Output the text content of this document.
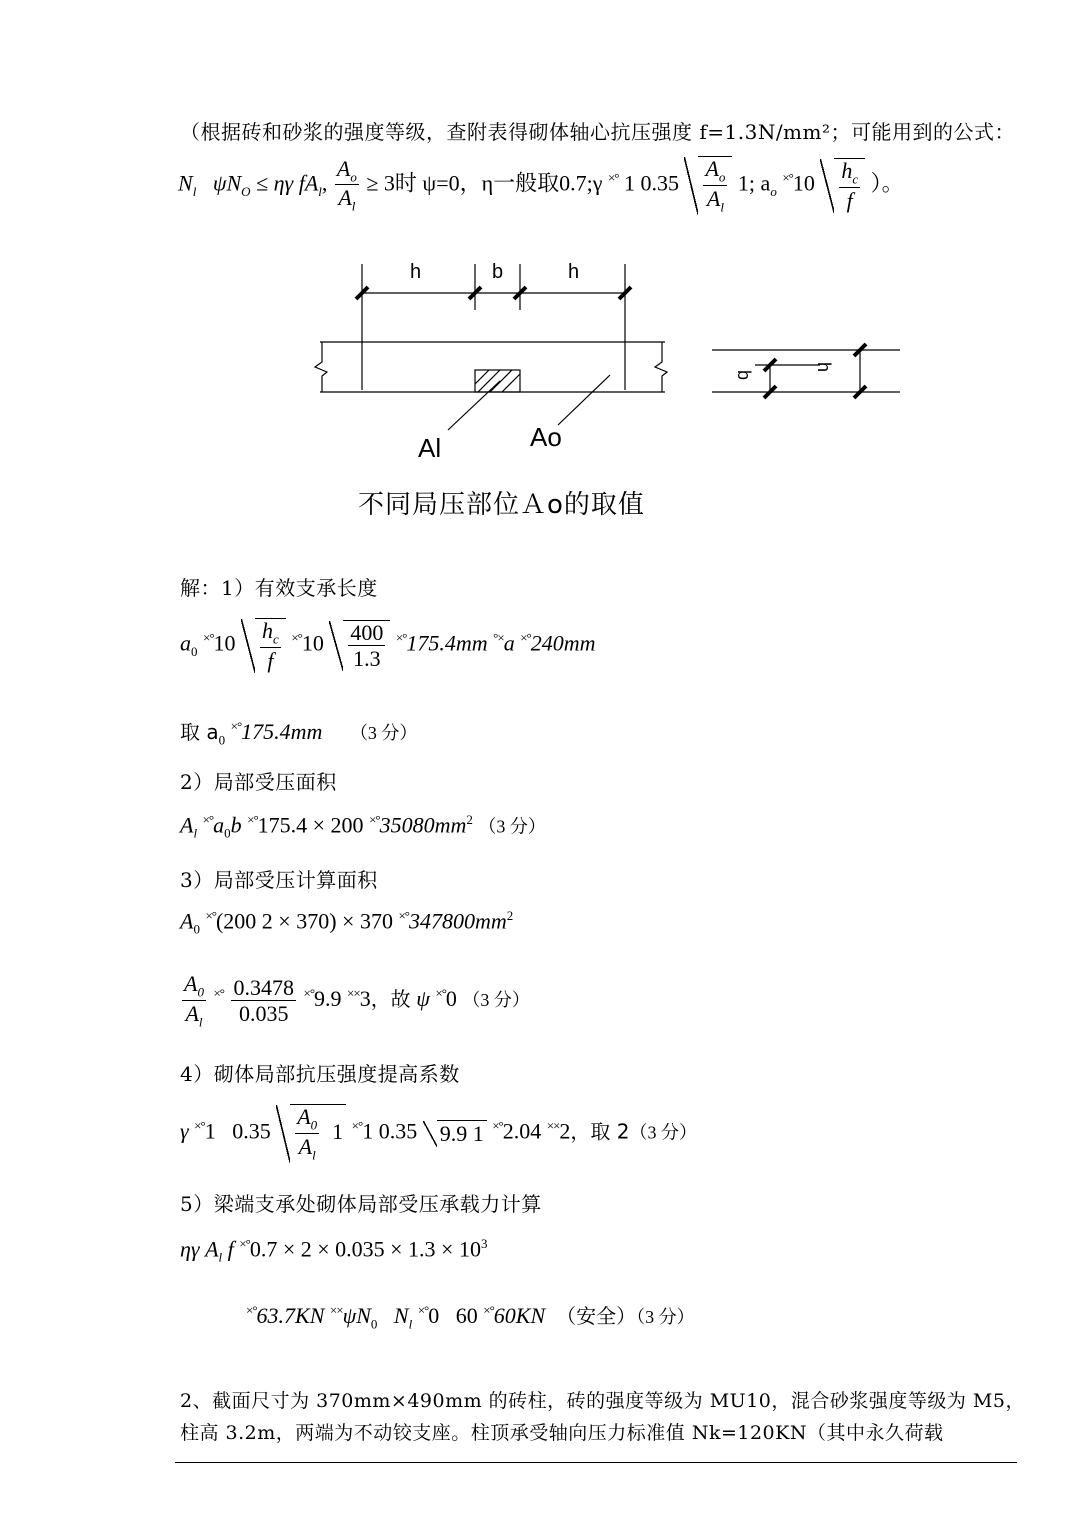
（根据砖和砂浆的强度等级，查附表得砌体轴心抗压强度 f=1.3N/mm²；可能用到的公式：
$N_l$ $\psi N_O \le \eta\gamma$ $fA_l$, $\frac{A_o}{A_l} \ge 3$时 ψ=0，η一般取0.7;γ ×° 1 $0.35 \frac{A_o}{A_l} 1$; $a_o$ $^{\times^\circ}10 \frac{h_c}{f}$ ）。
h	b	h
Al	Ao
b
h
不同局压部位Ａo的取值
解：1）有效支承长度
$a_0$ $^{\times^\circ}10 \frac{h_c}{f} ^{\times^\circ}10 \frac{400}{1.3} ^{\times^\circ}175.4mm$ °×a ×°240mm
取 $a_0$ ×°175.4mm （3 分）
2）局部受压面积
$A_l$ $^{\times^\circ}a_0b$ ×°175.4 × 200 $^{\times^\circ}35080mm^2$ （3 分）
3）局部受压计算面积
$A_0$ ×°(200 2 × 370) × 370 $^{\times^\circ}347800mm^2$
$\frac{A_0}{A_l} ^{\times^\circ} \frac{0.3478}{0.035} ^{\times^\circ}9.9$ ××3，故 ψ ×°0 （3 分）
4）砌体局部抗压强度提高系数
γ ×°1 $0.35 \frac{A_0}{A_l} 1$ ×°1 0.35 9.9 1 ×°2.04 ××2，取 2（3 分）
5）梁端支承处砌体局部受压承载力计算
ηγ $A_l$ f $^{\times^\circ}0.7 \times 2 \times 0.035 \times 1.3 \times 10^3$
×°63.7KN $^{\times\times}\psi N_0$ $N_l$ ×°0 60 ×°60KN （安全）（3 分）
2、截面尺寸为 370mm×490mm 的砖柱，砖的强度等级为 MU10，混合砂浆强度等级为 M5，
柱高 3.2m，两端为不动铰支座。柱顶承受轴向压力标准值 Nk=120KN（其中永久荷载
